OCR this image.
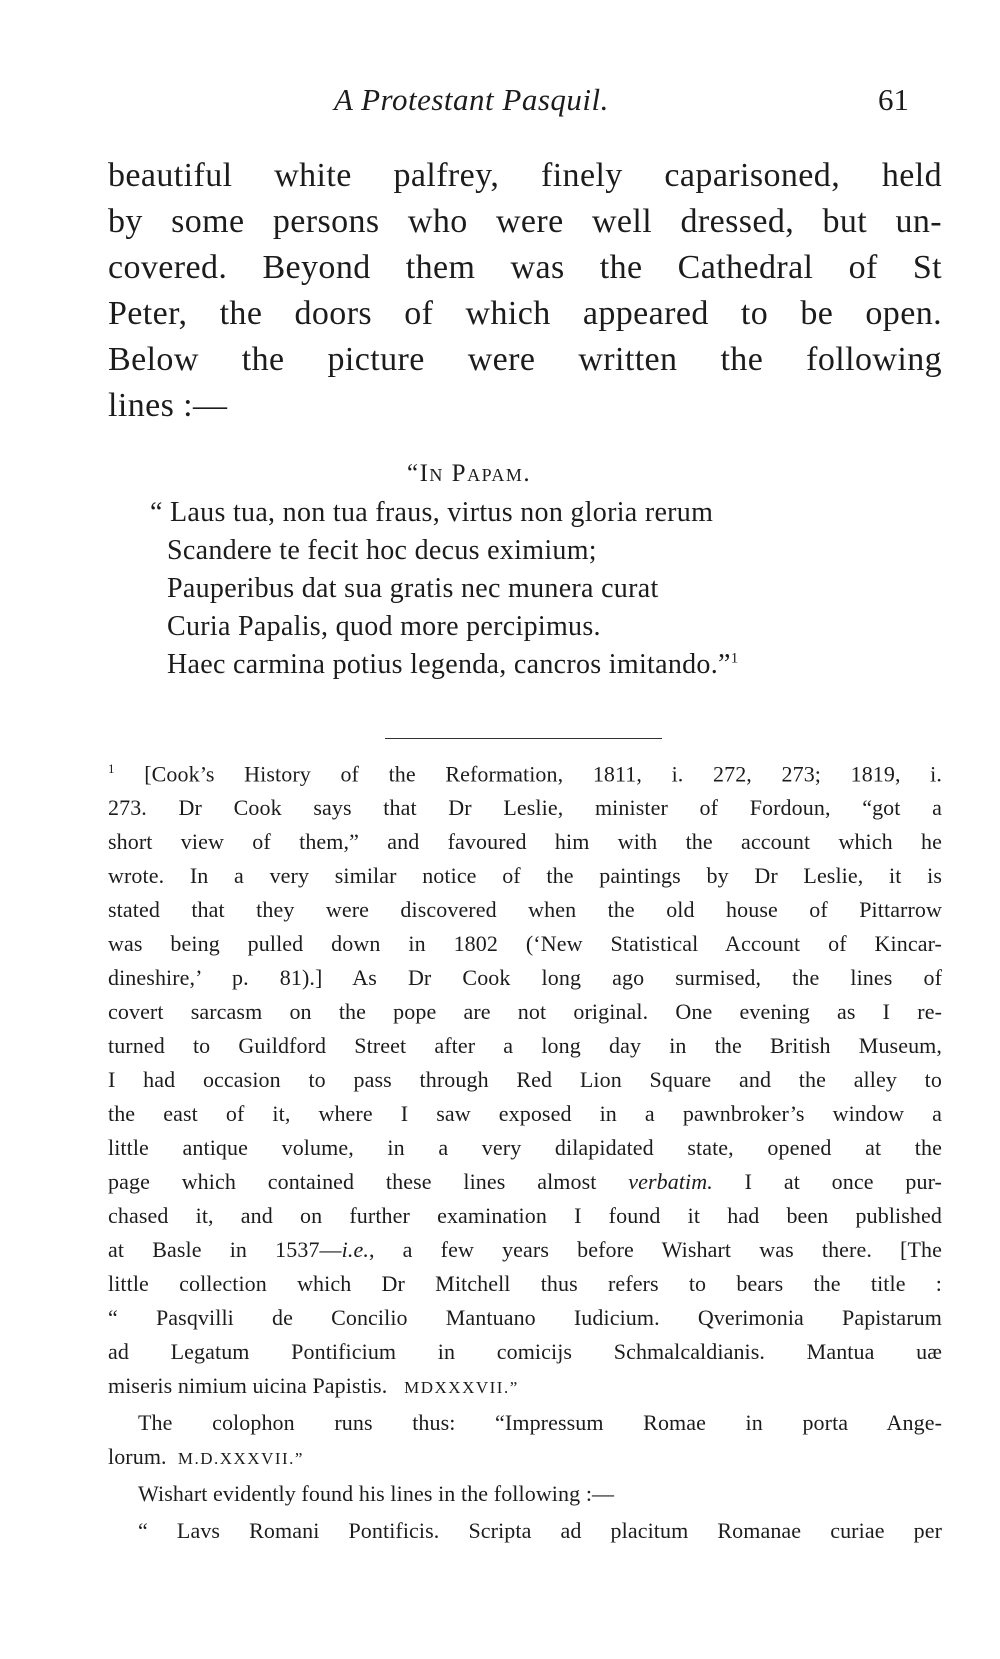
A Protestant Pasquil.	61
beautiful white palfrey, finely caparisoned, held
by some persons who were well dressed, but un-
covered. Beyond them was the Cathedral of St
Peter, the doors of which appeared to be open.
Below the picture were written the following
lines :—
“In Papam.
“ Laus tua, non tua fraus, virtus non gloria rerum
Scandere te fecit hoc decus eximium;
Pauperibus dat sua gratis nec munera curat
Curia Papalis, quod more percipimus.
Haec carmina potius legenda, cancros imitando.”$^1$
$^1$ [Cook’s History of the Reformation, 1811, i. 272, 273; 1819, i.
273. Dr Cook says that Dr Leslie, minister of Fordoun, “got a
short view of them,” and favoured him with the account which he
wrote. In a very similar notice of the paintings by Dr Leslie, it is
stated that they were discovered when the old house of Pittarrow
was being pulled down in 1802 (‘New Statistical Account of Kincar-
dineshire,’ p. 81).] As Dr Cook long ago surmised, the lines of
covert sarcasm on the pope are not original. One evening as I re-
turned to Guildford Street after a long day in the British Museum,
I had occasion to pass through Red Lion Square and the alley to
the east of it, where I saw exposed in a pawnbroker’s window a
little antique volume, in a very dilapidated state, opened at the
page which contained these lines almost verbatim. I at once pur-
chased it, and on further examination I found it had been published
at Basle in 1537—i.e., a few years before Wishart was there. [The
little collection which Dr Mitchell thus refers to bears the title :
“ Pasqvilli de Concilio Mantuano Iudicium. Qverimonia Papistarum
ad Legatum Pontificium in comicijs Schmalcaldianis. Mantua uæ
miseris nimium uicina Papistis. MDXXXVII.”
The colophon runs thus: “Impressum Romae in porta Ange-
lorum. M.D.XXXVII.”
Wishart evidently found his lines in the following :—
“ Lavs Romani Pontificis. Scripta ad placitum Romanae curiae per
